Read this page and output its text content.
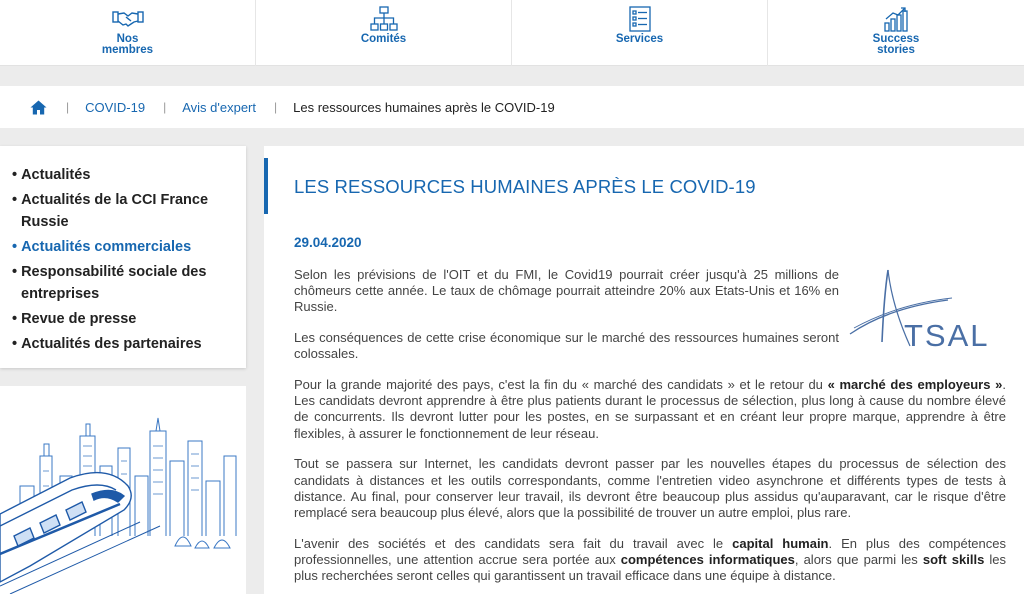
Nos
membres
Comités	Services	Success
stories
| COVID-19 | Avis d'expert | Les ressources humaines après le COVID-19
• Actualités
• Actualités de la CCI France Russie
• Actualités commerciales
• Responsabilité sociale des entreprises
• Revue de presse
• Actualités des partenaires
LES RESSOURCES HUMAINES APRÈS LE COVID-19
29.04.2020
TSAL

Selon les prévisions de l'OIT et du FMI, le Covid19 pourrait créer jusqu'à 25 millions de chômeurs cette année. Le taux de chômage pourrait atteindre 20% aux Etats-Unis et 16% en Russie.

Les conséquences de cette crise économique sur le marché des ressources humaines seront colossales.

Pour la grande majorité des pays, c'est la fin du « marché des candidats » et le retour du « marché des employeurs ». Les candidats devront apprendre à être plus patients durant le processus de sélection, plus long à cause du nombre élevé de concurrents. Ils devront lutter pour les postes, en se surpassant et en créant leur propre marque, apprendre à être flexibles, à assurer le fonctionnement de leur réseau.

Tout se passera sur Internet, les candidats devront passer par les nouvelles étapes du processus de sélection des candidats à distances et les outils correspondants, comme l'entretien video asynchrone et différents types de tests à distance. Au final, pour conserver leur travail, ils devront être beaucoup plus assidus qu'auparavant, car le risque d'être remplacé sera beaucoup plus élevé, alors que la possibilité de trouver un autre emploi, plus rare.

L'avenir des sociétés et des candidats sera fait du travail avec le capital humain. En plus des compétences professionnelles, une attention accrue sera portée aux compétences informatiques, alors que parmi les soft skills les plus recherchées seront celles qui garantissent un travail efficace dans une équipe à distance.
